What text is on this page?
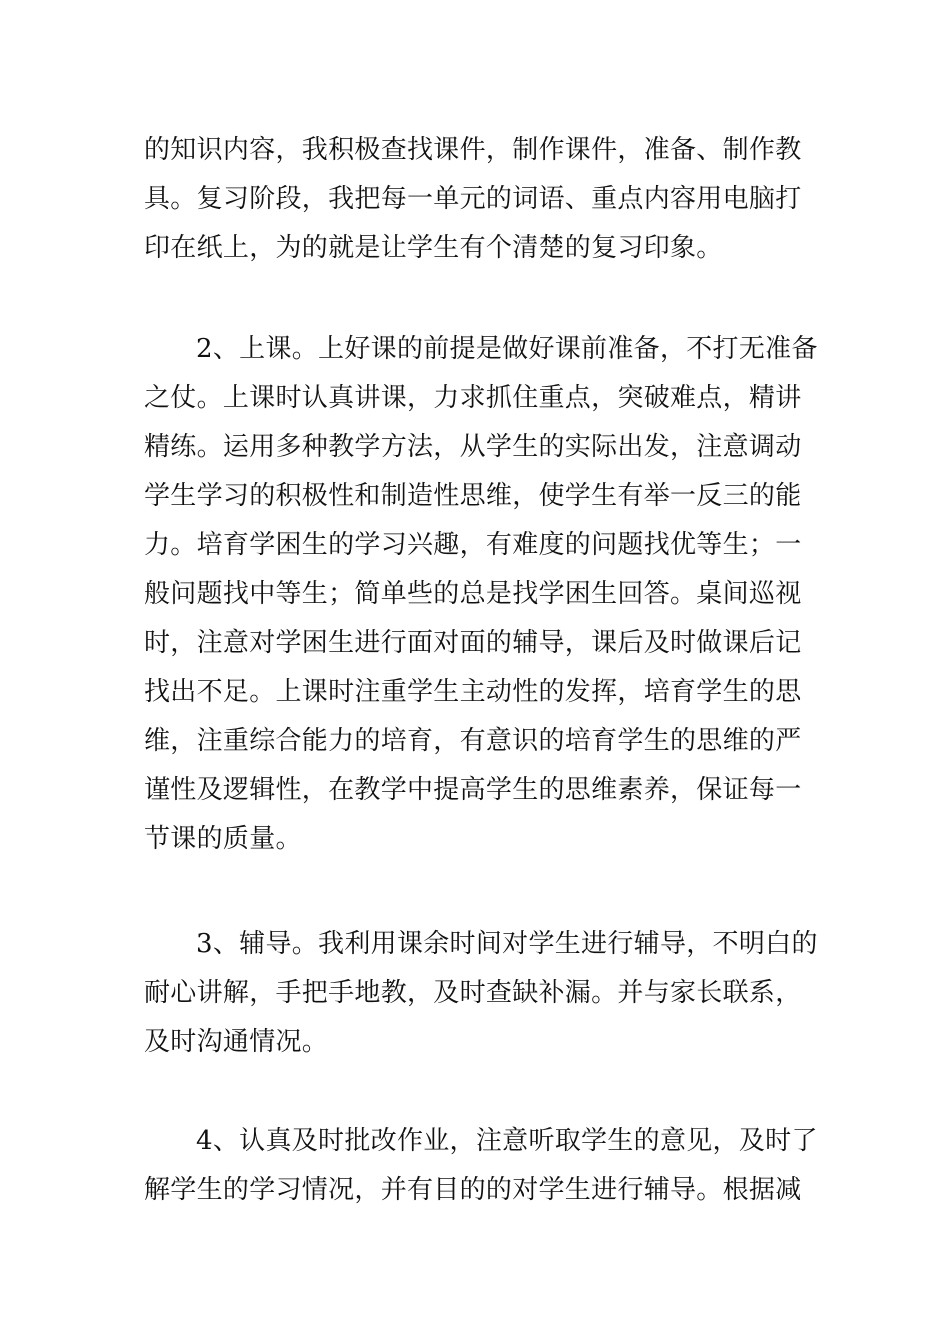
的知识内容，我积极查找课件，制作课件，准备、制作教
具。复习阶段，我把每一单元的词语、重点内容用电脑打
印在纸上，为的就是让学生有个清楚的复习印象。
2、上课。上好课的前提是做好课前准备，不打无准备
之仗。上课时认真讲课，力求抓住重点，突破难点，精讲
精练。运用多种教学方法，从学生的实际出发，注意调动
学生学习的积极性和制造性思维，使学生有举一反三的能
力。培育学困生的学习兴趣，有难度的问题找优等生；一
般问题找中等生；简单些的总是找学困生回答。桌间巡视
时，注意对学困生进行面对面的辅导，课后及时做课后记
找出不足。上课时注重学生主动性的发挥，培育学生的思
维，注重综合能力的培育，有意识的培育学生的思维的严
谨性及逻辑性，在教学中提高学生的思维素养，保证每一
节课的质量。
3、辅导。我利用课余时间对学生进行辅导，不明白的
耐心讲解，手把手地教，及时查缺补漏。并与家长联系，
及时沟通情况。
4、认真及时批改作业，注意听取学生的意见，及时了
解学生的学习情况，并有目的的对学生进行辅导。根据减
